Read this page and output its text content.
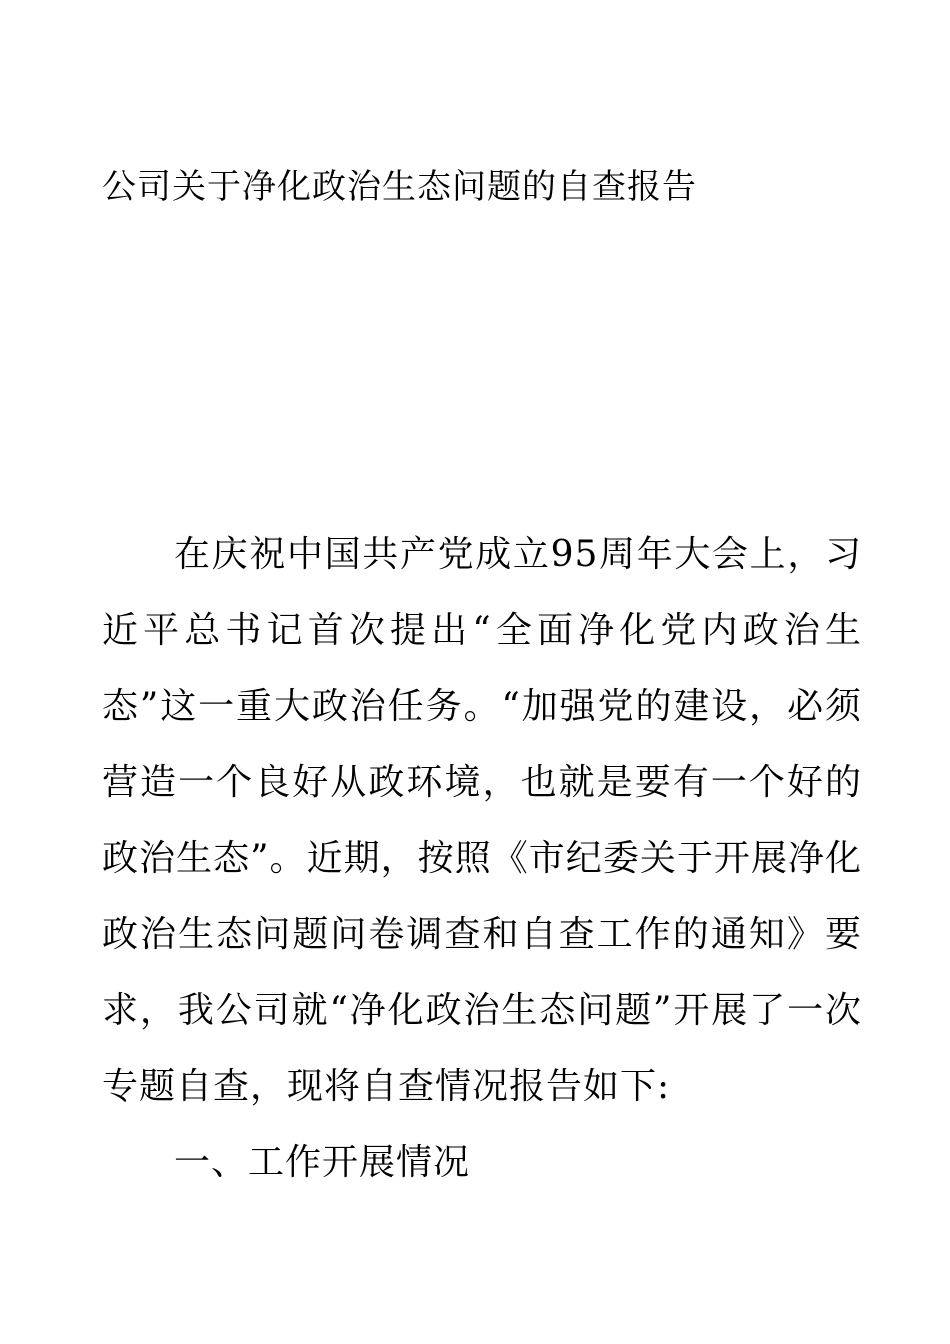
公司关于净化政治生态问题的自查报告

在庆祝中国共产党成立95周年大会上，习近平总书记首次提出“全面净化党内政治生态”这一重大政治任务。“加强党的建设，必须营造一个良好从政环境，也就是要有一个好的政治生态”。近期，按照《市纪委关于开展净化政治生态问题问卷调查和自查工作的通知》要求，我公司就“净化政治生态问题”开展了一次专题自查，现将自查情况报告如下:

一、工作开展情况
